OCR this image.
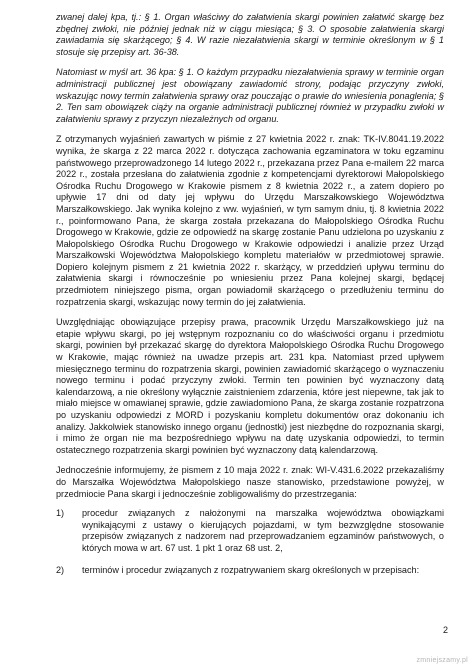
zwanej dalej kpa, tj.: § 1. Organ właściwy do załatwienia skargi powinien załatwić skargę bez zbędnej zwłoki, nie później jednak niż w ciągu miesiąca; § 3. O sposobie załatwienia skargi zawiadamia się skarżącego; § 4. W razie niezałatwienia skargi w terminie określonym w § 1 stosuje się przepisy art. 36-38.

Natomiast w myśl art. 36 kpa: § 1. O każdym przypadku niezałatwienia sprawy w terminie organ administracji publicznej jest obowiązany zawiadomić strony, podając przyczyny zwłoki, wskazując nowy termin załatwienia sprawy oraz pouczając o prawie do wniesienia ponaglenia; § 2. Ten sam obowiązek ciąży na organie administracji publicznej również w przypadku zwłoki w załatwieniu sprawy z przyczyn niezależnych od organu.

Z otrzymanych wyjaśnień zawartych w piśmie z 27 kwietnia 2022 r. znak: TK-IV.8041.19.2022 wynika, że skarga z 22 marca 2022 r. dotycząca zachowania egzaminatora w toku egzaminu państwowego przeprowadzonego 14 lutego 2022 r., przekazana przez Pana e-mailem 22 marca 2022 r., została przesłana do załatwienia zgodnie z kompetencjami dyrektorowi Małopolskiego Ośrodka Ruchu Drogowego w Krakowie pismem z 8 kwietnia 2022 r., a zatem dopiero po upływie 17 dni od daty jej wpływu do Urzędu Marszałkowskiego Województwa Marszałkowskiego. Jak wynika kolejno z ww. wyjaśnień, w tym samym dniu, tj. 8 kwietnia 2022 r., poinformowano Pana, że skarga została przekazana do Małopolskiego Ośrodka Ruchu Drogowego w Krakowie, gdzie ze odpowiedź na skargę zostanie Panu udzielona po uzyskaniu z Małopolskiego Ośrodka Ruchu Drogowego w Krakowie odpowiedzi i analizie przez Urząd Marszałkowski Województwa Małopolskiego kompletu materiałów w przedmiotowej sprawie. Dopiero kolejnym pismem z 21 kwietnia 2022 r. skarżący, w przeddzień upływu terminu do załatwienia skargi i równocześnie po wniesieniu przez Pana kolejnej skargi, będącej przedmiotem niniejszego pisma, organ powiadomił skarżącego o przedłużeniu terminu do rozpatrzenia skargi, wskazując nowy termin do jej załatwienia.

Uwzględniając obowiązujące przepisy prawa, pracownik Urzędu Marszałkowskiego już na etapie wpływu skargi, po jej wstępnym rozpoznaniu co do właściwości organu i przedmiotu skargi, powinien był przekazać skargę do dyrektora Małopolskiego Ośrodka Ruchu Drogowego w Krakowie, mając również na uwadze przepis art. 231 kpa. Natomiast przed upływem miesięcznego terminu do rozpatrzenia skargi, powinien zawiadomić skarżącego o wyznaczeniu nowego terminu i podać przyczyny zwłoki. Termin ten powinien być wyznaczony datą kalendarzową, a nie określony wyłącznie zaistnieniem zdarzenia, które jest niepewne, tak jak to miało miejsce w omawianej sprawie, gdzie zawiadomiono Pana, że skarga zostanie rozpatrzona po uzyskaniu odpowiedzi z MORD i pozyskaniu kompletu dokumentów oraz dokonaniu ich analizy. Jakkolwiek stanowisko innego organu (jednostki) jest niezbędne do rozpoznania skargi, i mimo że organ nie ma bezpośredniego wpływu na datę uzyskania odpowiedzi, to termin ostatecznego rozpatrzenia skargi powinien być wyznaczony datą kalendarzową.

Jednocześnie informujemy, że pismem z 10 maja 2022 r. znak: WI-V.431.6.2022 przekazaliśmy do Marszałka Województwa Małopolskiego nasze stanowisko, przedstawione powyżej, w przedmiocie Pana skargi i jednocześnie zobligowaliśmy do przestrzegania:

1) procedur związanych z nałożonymi na marszałka województwa obowiązkami wynikającymi z ustawy o kierujących pojazdami, w tym bezwzględne stosowanie przepisów związanych z nadzorem nad przeprowadzaniem egzaminów państwowych, o których mowa w art. 67 ust. 1 pkt 1 oraz 68 ust. 2,
2) terminów i procedur związanych z rozpatrywaniem skarg określonych w przepisach:
2
zmniejszamy.pl
